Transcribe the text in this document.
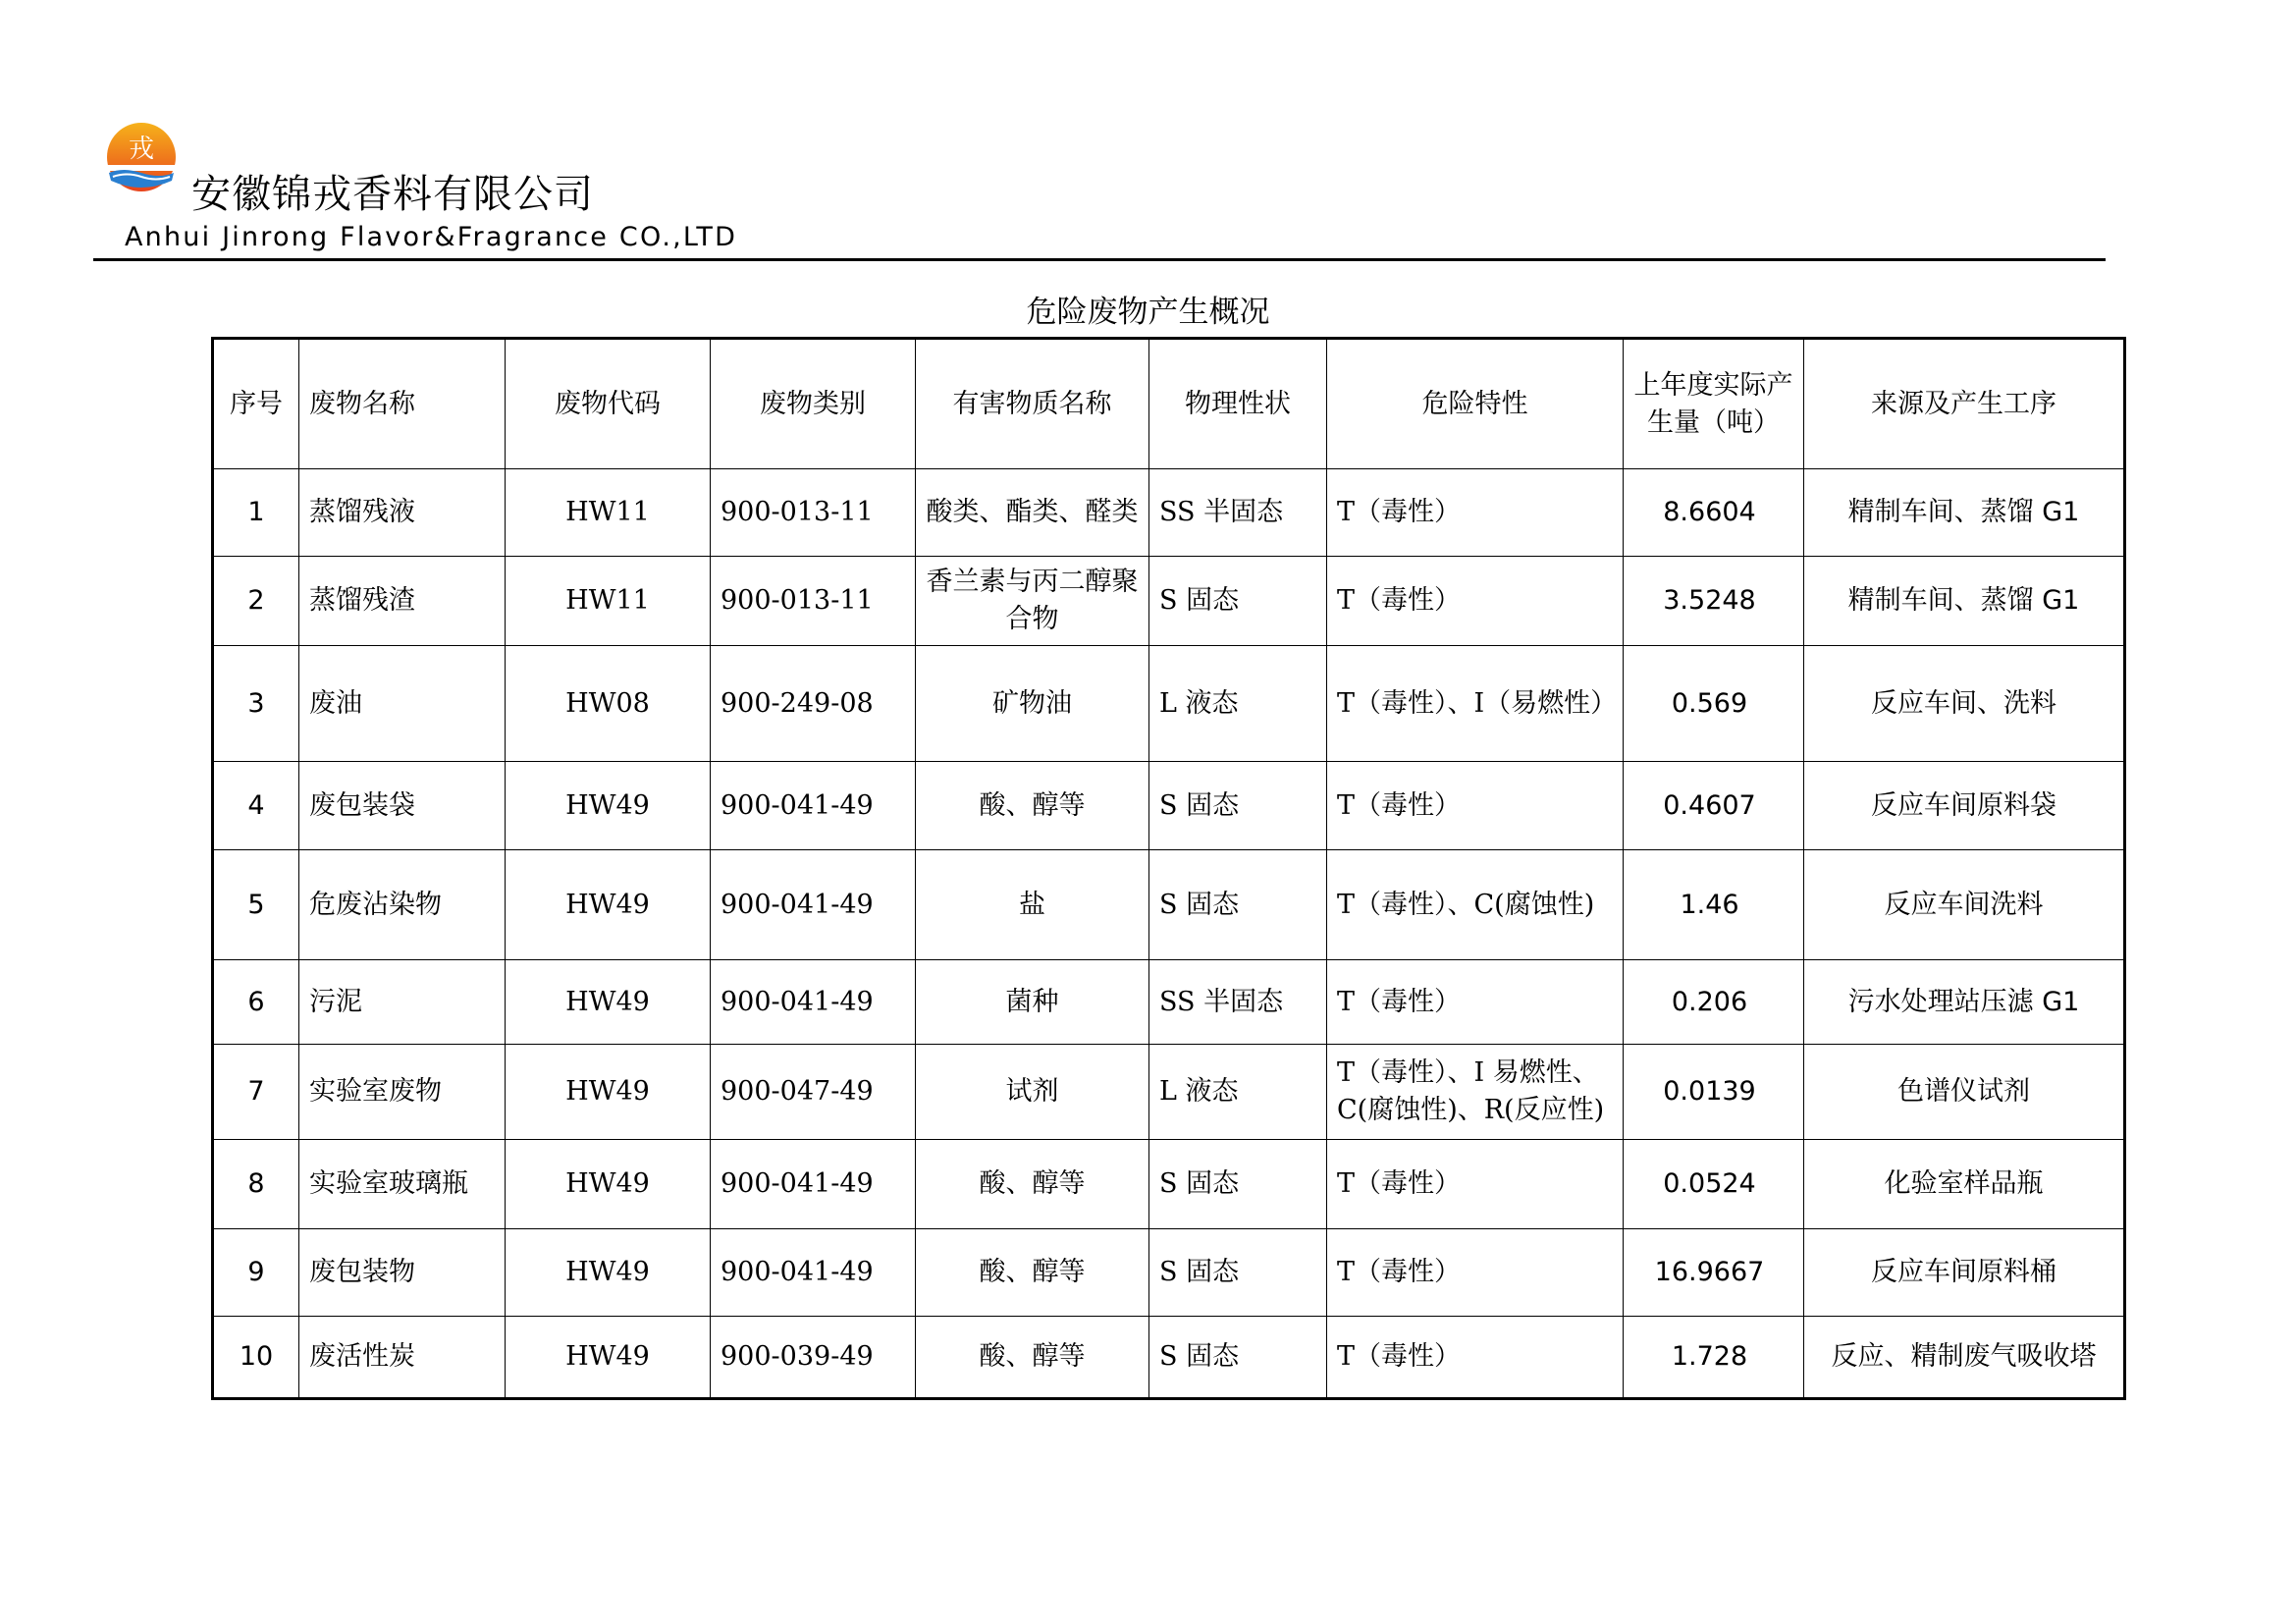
戎
安徽锦戎香料有限公司
Anhui Jinrong Flavor&Fragrance CO.,LTD
危险废物产生概况
序号	废物名称	废物代码	废物类别	有害物质名称	物理性状	危险特性	上年度实际产生量（吨）	来源及产生工序
1	蒸馏残液	HW11	900-013-11	酸类、酯类、醛类	SS 半固态	T（毒性）	8.6604	精制车间、蒸馏 G1
2	蒸馏残渣	HW11	900-013-11	香兰素与丙二醇聚合物	S 固态	T（毒性）	3.5248	精制车间、蒸馏 G1
3	废油	HW08	900-249-08	矿物油	L 液态	T（毒性）、I（易燃性）	0.569	反应车间、洗料
4	废包装袋	HW49	900-041-49	酸、醇等	S 固态	T（毒性）	0.4607	反应车间原料袋
5	危废沾染物	HW49	900-041-49	盐	S 固态	T（毒性）、C(腐蚀性)	1.46	反应车间洗料
6	污泥	HW49	900-041-49	菌种	SS 半固态	T（毒性）	0.206	污水处理站压滤 G1
7	实验室废物	HW49	900-047-49	试剂	L 液态	T（毒性）、I 易燃性、C(腐蚀性)、R(反应性)	0.0139	色谱仪试剂
8	实验室玻璃瓶	HW49	900-041-49	酸、醇等	S 固态	T（毒性）	0.0524	化验室样品瓶
9	废包装物	HW49	900-041-49	酸、醇等	S 固态	T（毒性）	16.9667	反应车间原料桶
10	废活性炭	HW49	900-039-49	酸、醇等	S 固态	T（毒性）	1.728	反应、精制废气吸收塔
